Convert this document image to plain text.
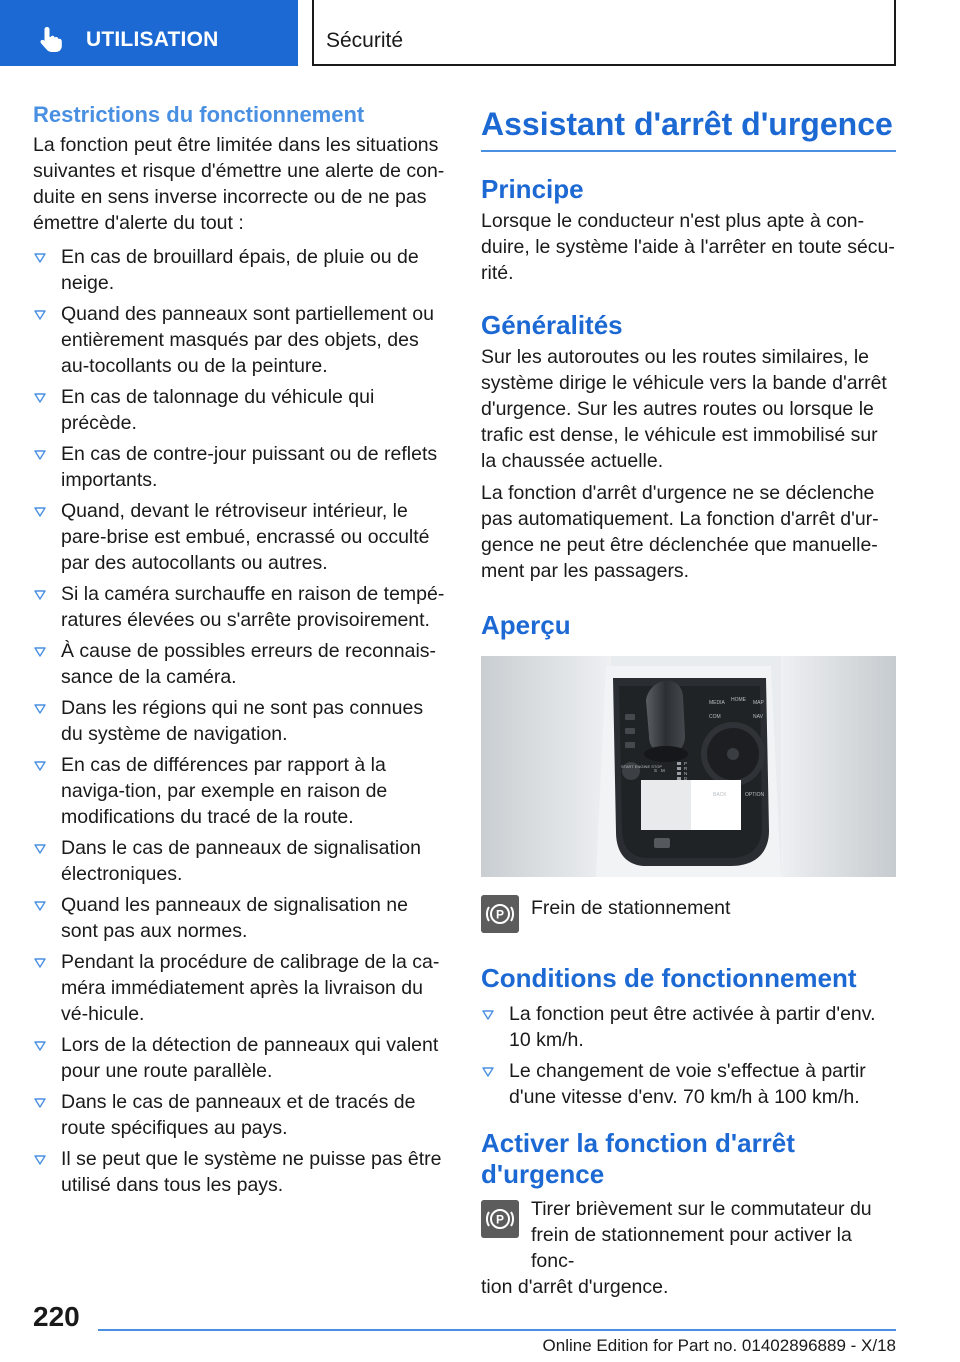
UTILISATION	Sécurité
Restrictions du fonctionnement

La fonction peut être limitée dans les situations suivantes et risque d'émettre une alerte de con-duite en sens inverse incorrecte ou de ne pas émettre d'alerte du tout :

En cas de brouillard épais, de pluie ou de neige.
Quand des panneaux sont partiellement ou entièrement masqués par des objets, des au-tocollants ou de la peinture.
En cas de talonnage du véhicule qui précède.
En cas de contre-jour puissant ou de reflets importants.
Quand, devant le rétroviseur intérieur, le pare-brise est embué, encrassé ou occulté par des autocollants ou autres.
Si la caméra surchauffe en raison de tempé-ratures élevées ou s'arrête provisoirement.
À cause de possibles erreurs de reconnais-sance de la caméra.
Dans les régions qui ne sont pas connues du système de navigation.
En cas de différences par rapport à la naviga-tion, par exemple en raison de modifications du tracé de la route.
Dans le cas de panneaux de signalisation électroniques.
Quand les panneaux de signalisation ne sont pas aux normes.
Pendant la procédure de calibrage de la ca-méra immédiatement après la livraison du vé-hicule.
Lors de la détection de panneaux qui valent pour une route parallèle.
Dans le cas de panneaux et de tracés de route spécifiques au pays.
Il se peut que le système ne puisse pas être utilisé dans tous les pays.
Assistant d'arrêt d'urgence
Principe

Lorsque le conducteur n'est plus apte à con-duire, le système l'aide à l'arrêter en toute sécu-rité.

Généralités

Sur les autoroutes ou les routes similaires, le système dirige le véhicule vers la bande d'arrêt d'urgence. Sur les autres routes ou lorsque le trafic est dense, le véhicule est immobilisé sur la chaussée actuelle.

La fonction d'arrêt d'urgence ne se déclenche pas automatiquement. La fonction d'arrêt d'ur-gence ne peut être déclenchée que manuelle-ment par les passagers.

Aperçu
MEDIA HOME MAP
COM	NAV
BACK	OPTION
START ENGINE STOP
P
R
N
D
S M
P	Frein de stationnement
Conditions de fonctionnement
La fonction peut être activée à partir d'env. 10 km/h.
Le changement de voie s'effectue à partir d'une vitesse d'env. 70 km/h à 100 km/h.
Activer la fonction d'arrêt d'urgence
P	Tirer brièvement sur le commutateur du
frein de stationnement pour activer la fonc-
tion d'arrêt d'urgence.
220
Online Edition for Part no. 01402896889 - X/18
